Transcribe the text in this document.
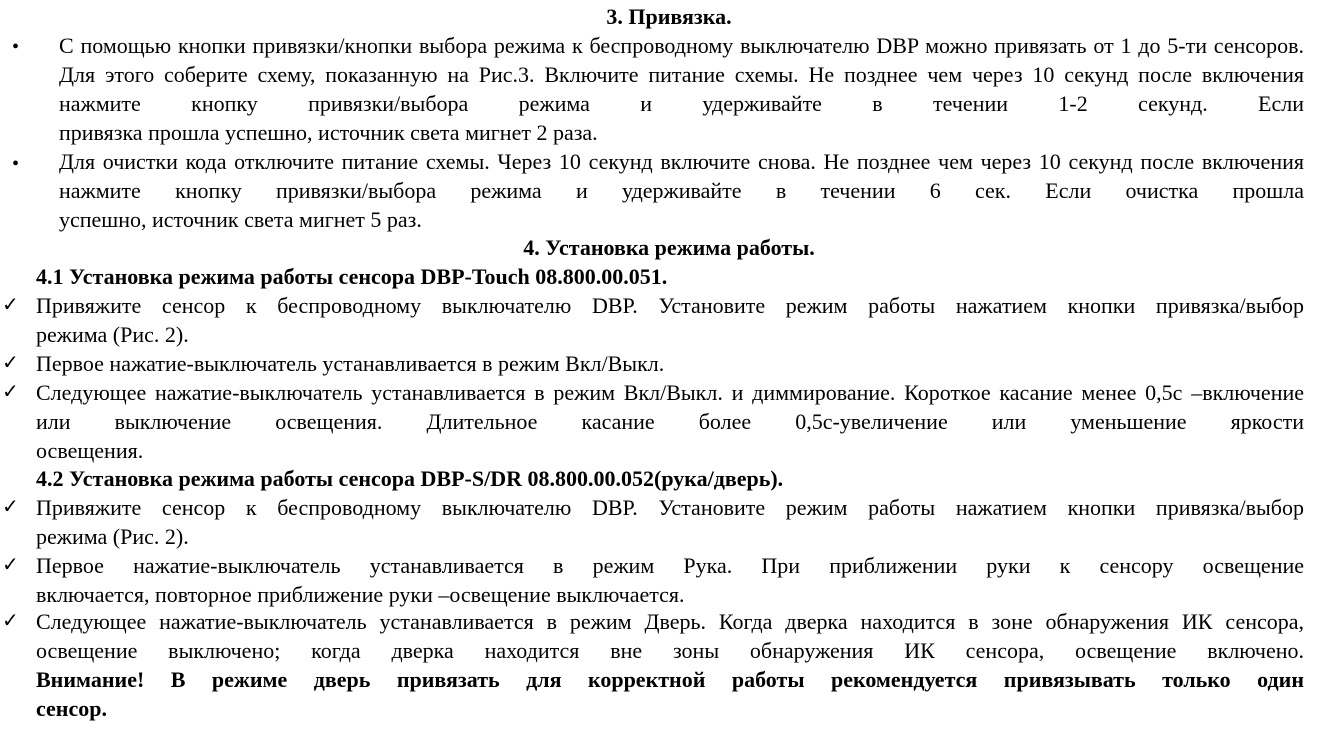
3. Привязка.
• С помощью кнопки привязки/кнопки выбора режима к беспроводному выключателю DBP можно привязать от 1 до 5-ти сенсоров. Для этого соберите схему, показанную на Рис.3. Включите питание схемы. Не позднее чем через 10 секунд после включения нажмите кнопку привязки/выбора режима и удерживайте в течении 1-2 секунд. Если
привязка прошла успешно, источник света мигнет 2 раза.
• Для очистки кода отключите питание схемы. Через 10 секунд включите снова. Не позднее чем через 10 секунд после включения нажмите кнопку привязки/выбора режима и удерживайте в течении 6 сек. Если очистка прошла
успешно, источник света мигнет 5 раз.
4. Установка режима работы.
4.1 Установка режима работы сенсора DBP-Touch 08.800.00.051.
✓ Привяжите сенсор к беспроводному выключателю DBP. Установите режим работы нажатием кнопки привязка/выбор
режима (Рис. 2).
✓ Первое нажатие-выключатель устанавливается в режим Вкл/Выкл.
✓ Следующее нажатие-выключатель устанавливается в режим Вкл/Выкл. и диммирование. Короткое касание менее 0,5с –включение или выключение освещения. Длительное касание более 0,5с-увеличение или уменьшение яркости
освещения.
4.2 Установка режима работы сенсора DBP-S/DR 08.800.00.052(рука/дверь).
✓ Привяжите сенсор к беспроводному выключателю DBP. Установите режим работы нажатием кнопки привязка/выбор
режима (Рис. 2).
✓ Первое нажатие-выключатель устанавливается в режим Рука. При приближении руки к сенсору освещение
включается, повторное приближение руки –освещение выключается.
✓ Следующее нажатие-выключатель устанавливается в режим Дверь. Когда дверка находится в зоне обнаружения ИК сенсора, освещение выключено; когда дверка находится вне зоны обнаружения ИК сенсора, освещение включено.
Внимание! В режиме дверь привязать для корректной работы рекомендуется привязывать только один
сенсор.
